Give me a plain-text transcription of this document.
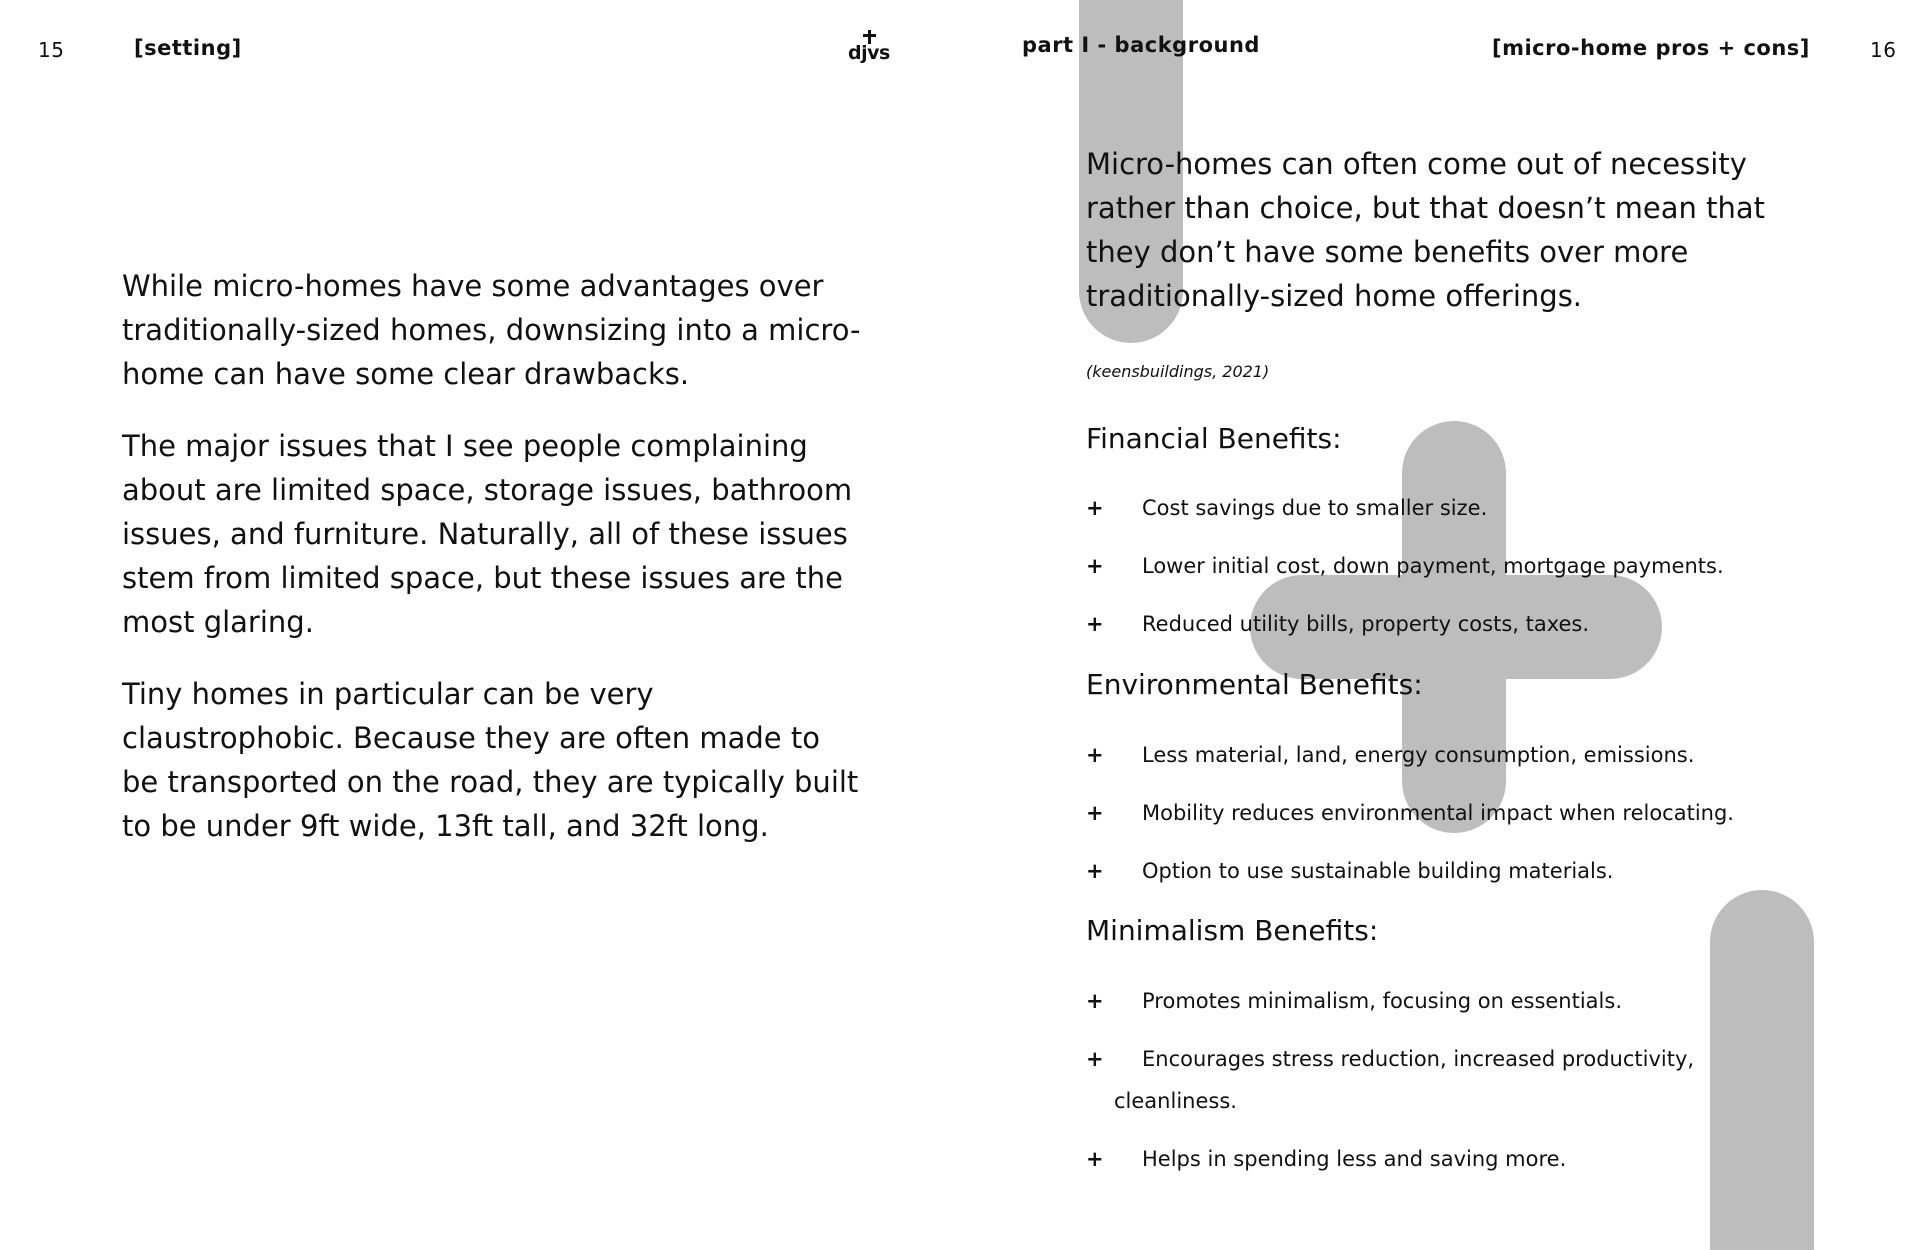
15	[setting]	djvs	part I - background	[micro-home pros + cons]	16

While micro-homes have some advantages over traditionally-sized homes, downsizing into a micro-home can have some clear drawbacks.

The major issues that I see people complaining about are limited space, storage issues, bathroom issues, and furniture. Naturally, all of these issues stem from limited space, but these issues are the most glaring.

Tiny homes in particular can be very claustrophobic. Because they are often made to be transported on the road, they are typically built to be under 9ft wide, 13ft tall, and 32ft long.

Micro-homes can often come out of necessity rather than choice, but that doesn’t mean that they don’t have some benefits over more traditionally-sized home offerings.

(keensbuildings, 2021)

Financial Benefits:
+	Cost savings due to smaller size.
+	Lower initial cost, down payment, mortgage payments.
+	Reduced utility bills, property costs, taxes.
Environmental Benefits:
+	Less material, land, energy consumption, emissions.
+	Mobility reduces environmental impact when relocating.
+	Option to use sustainable building materials.
Minimalism Benefits:
+	Promotes minimalism, focusing on essentials.
+	Encourages stress reduction, increased productivity,
cleanliness.
+	Helps in spending less and saving more.
